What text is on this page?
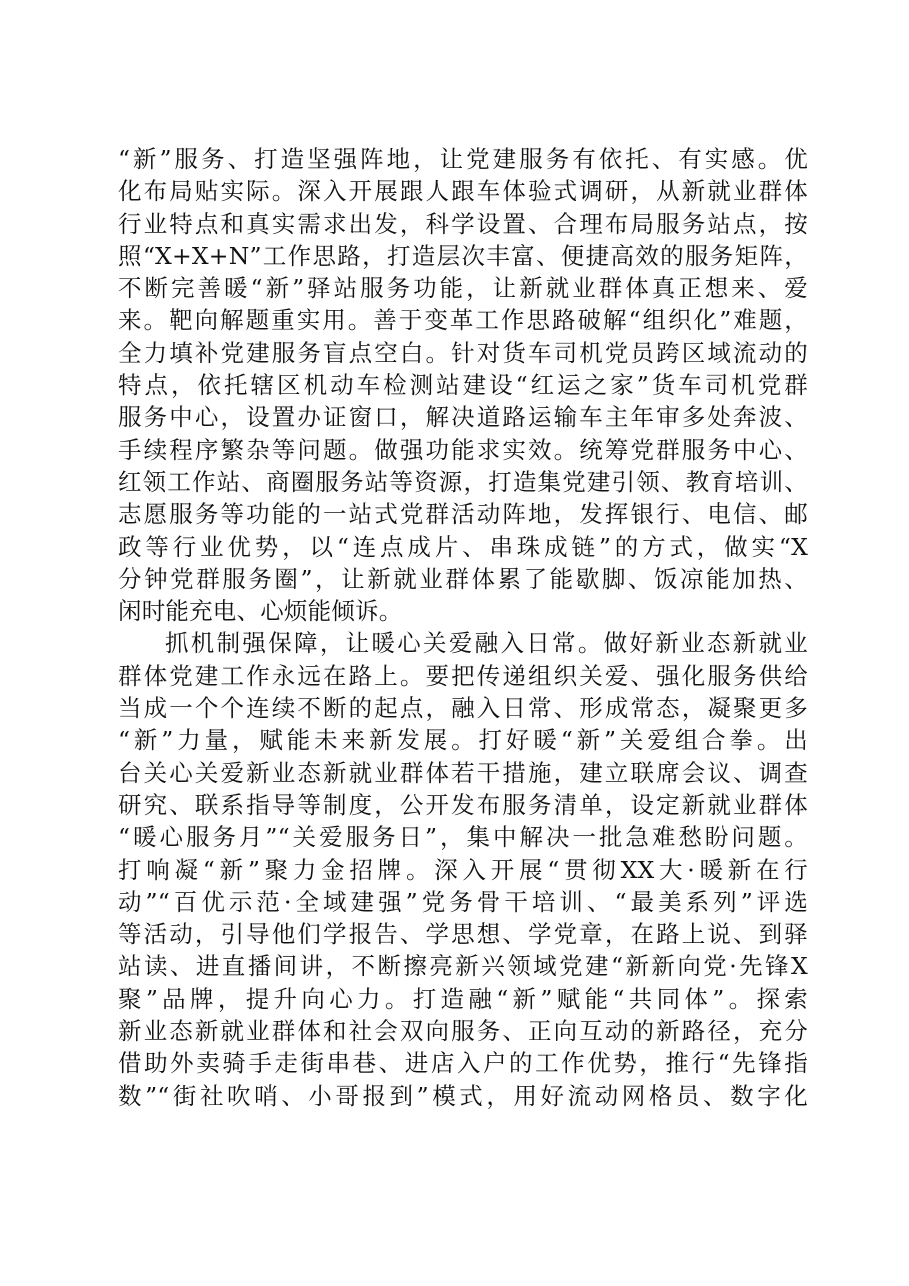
“新”服务、打造坚强阵地，让党建服务有依托、有实感。优
化布局贴实际。深入开展跟人跟车体验式调研，从新就业群体
行业特点和真实需求出发，科学设置、合理布局服务站点，按
照“X+X+N”工作思路，打造层次丰富、便捷高效的服务矩阵，
不断完善暖“新”驿站服务功能，让新就业群体真正想来、爱
来。靶向解题重实用。善于变革工作思路破解“组织化”难题，
全力填补党建服务盲点空白。针对货车司机党员跨区域流动的
特点，依托辖区机动车检测站建设“红运之家”货车司机党群
服务中心，设置办证窗口，解决道路运输车主年审多处奔波、
手续程序繁杂等问题。做强功能求实效。统筹党群服务中心、
红领工作站、商圈服务站等资源，打造集党建引领、教育培训、
志愿服务等功能的一站式党群活动阵地，发挥银行、电信、邮
政等行业优势，以“连点成片、串珠成链”的方式，做实“X
分钟党群服务圈”，让新就业群体累了能歇脚、饭凉能加热、
闲时能充电、心烦能倾诉。
抓机制强保障，让暖心关爱融入日常。做好新业态新就业
群体党建工作永远在路上。要把传递组织关爱、强化服务供给
当成一个个连续不断的起点，融入日常、形成常态，凝聚更多
“新”力量，赋能未来新发展。打好暖“新”关爱组合拳。出
台关心关爱新业态新就业群体若干措施，建立联席会议、调查
研究、联系指导等制度，公开发布服务清单，设定新就业群体
“暖心服务月”“关爱服务日”，集中解决一批急难愁盼问题。
打响凝“新”聚力金招牌。深入开展“贯彻XX大·暖新在行
动”“百优示范·全域建强”党务骨干培训、“最美系列”评选
等活动，引导他们学报告、学思想、学党章，在路上说、到驿
站读、进直播间讲，不断擦亮新兴领域党建“新新向党·先锋X
聚”品牌，提升向心力。打造融“新”赋能“共同体”。探索
新业态新就业群体和社会双向服务、正向互动的新路径，充分
借助外卖骑手走街串巷、进店入户的工作优势，推行“先锋指
数”“街社吹哨、小哥报到”模式，用好流动网格员、数字化
